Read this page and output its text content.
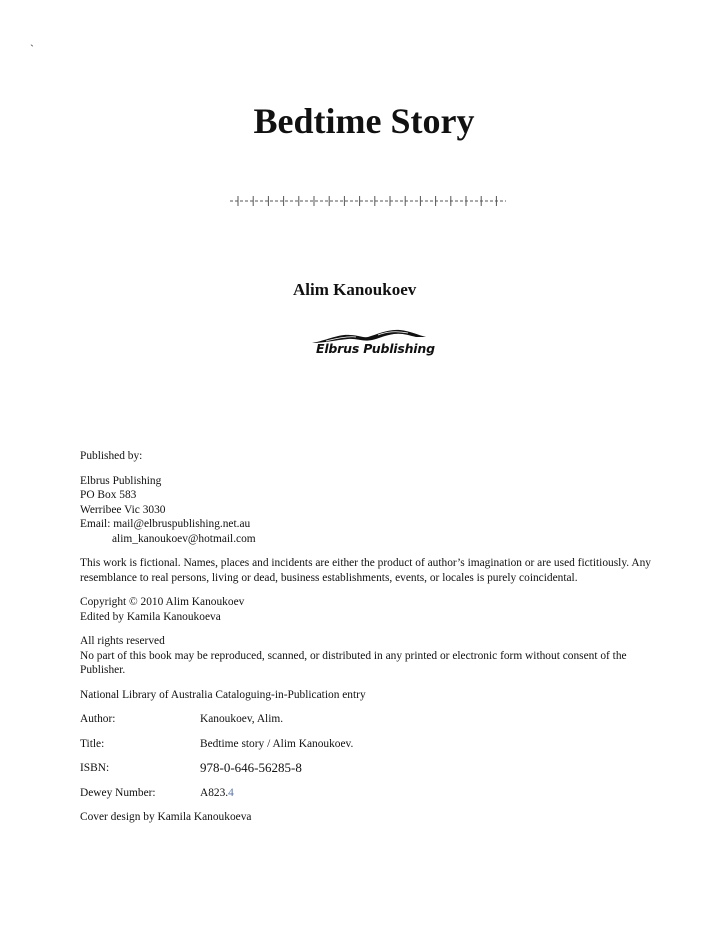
`
Bedtime Story
Alim Kanoukoev
Elbrus Publishing

Published by:

Elbrus Publishing
PO Box 583
Werribee Vic 3030
Email: mail@elbruspublishing.net.au
alim_kanoukoev@hotmail.com

This work is fictional. Names, places and incidents are either the product of author’s imagination or are used fictitiously. Any
resemblance to real persons, living or dead, business establishments, events, or locales is purely coincidental.

Copyright © 2010 Alim Kanoukoev
Edited by Kamila Kanoukoeva

All rights reserved
No part of this book may be reproduced, scanned, or distributed in any printed or electronic form without consent of the
Publisher.

National Library of Australia Cataloguing-in-Publication entry

Author:	Kanoukoev, Alim.
Title:	Bedtime story / Alim Kanoukoev.
ISBN:	978-0-646-56285-8
Dewey Number:	A823.4

Cover design by Kamila Kanoukoeva
